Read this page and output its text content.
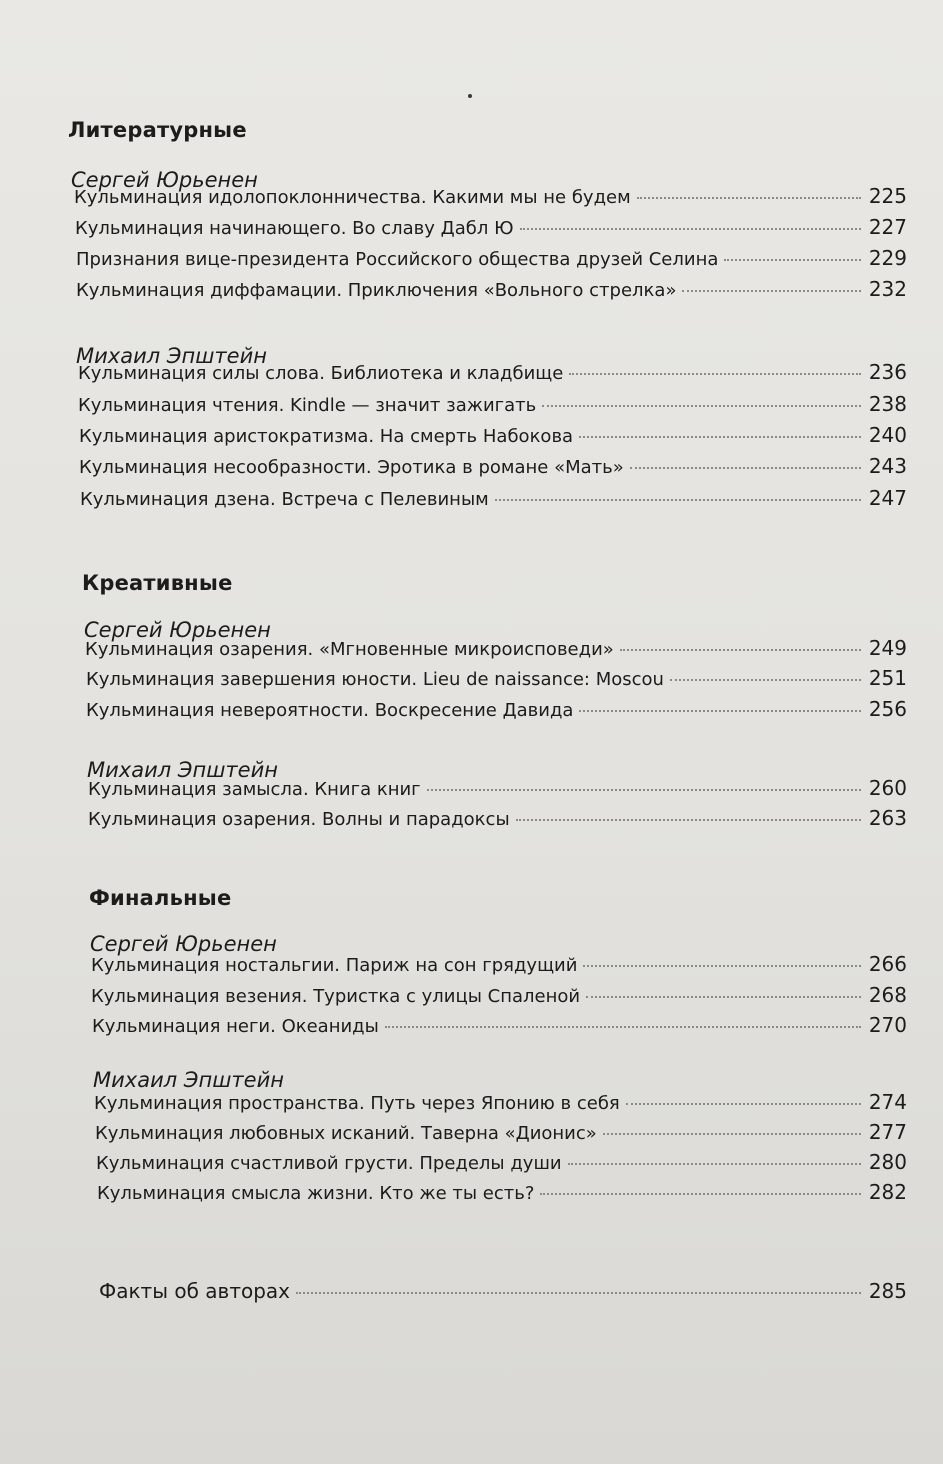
Литературные
Сергей Юрьенен
Кульминация идолопоклонничества. Какими мы не будем	225
Кульминация начинающего. Во славу Дабл Ю	227
Признания вице-президента Российского общества друзей Селина	229
Кульминация диффамации. Приключения «Вольного стрелка»	232
Михаил Эпштейн
Кульминация силы слова. Библиотека и кладбище	236
Кульминация чтения. Kindle — значит зажигать	238
Кульминация аристократизма. На смерть Набокова	240
Кульминация несообразности. Эротика в романе «Мать»	243
Кульминация дзена. Встреча с Пелевиным	247
Креативные
Сергей Юрьенен
Кульминация озарения. «Мгновенные микроисповеди»	249
Кульминация завершения юности. Lieu de naissance: Moscou	251
Кульминация невероятности. Воскресение Давида	256
Михаил Эпштейн
Кульминация замысла. Книга книг	260
Кульминация озарения. Волны и парадоксы	263
Финальные
Сергей Юрьенен
Кульминация ностальгии. Париж на сон грядущий	266
Кульминация везения. Туристка с улицы Спаленой	268
Кульминация неги. Океаниды	270
Михаил Эпштейн
Кульминация пространства. Путь через Японию в себя	274
Кульминация любовных исканий. Таверна «Дионис»	277
Кульминация счастливой грусти. Пределы души	280
Кульминация смысла жизни. Кто же ты есть?	282
Факты об авторах	285
